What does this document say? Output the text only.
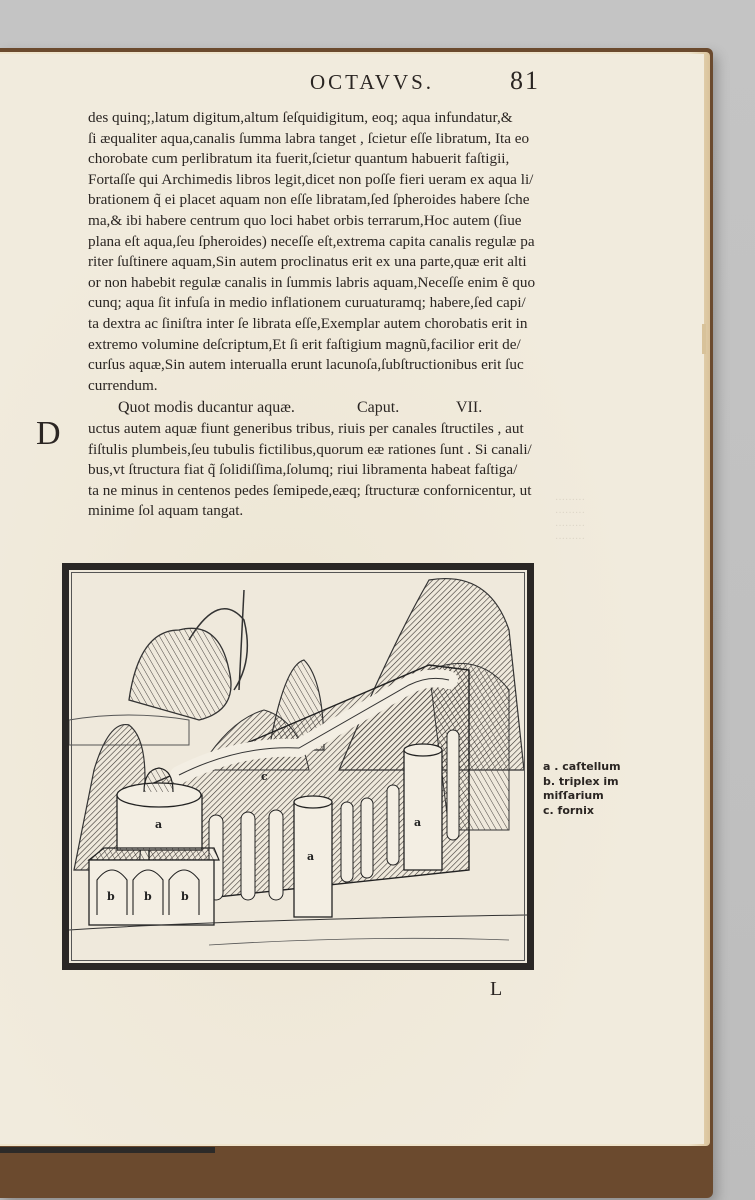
·········
·········
·········
·········
OCTAVVS.	81
des quinq;,latum digitum,altum ſeſquidigitum, eoq; aqua infundatur,&
ſi æqualiter aqua,canalis ſumma labra tanget , ſcietur eſſe libratum, Ita eo
chorobate cum perlibratum ita fuerit,ſcietur quantum habuerit faſtigii,
Fortaſſe qui Archimedis libros legit,dicet non poſſe fieri ueram ex aqua li/
brationem q̃ ei placet aquam non eſſe libratam,ſed ſpheroides habere ſche
ma,& ibi habere centrum quo loci habet orbis terrarum,Hoc autem (ſiue
plana eſt aqua,ſeu ſpheroides) neceſſe eſt,extrema capita canalis regulæ pa
riter ſuſtinere aquam,Sin autem proclinatus erit ex una parte,quæ erit alti
or non habebit regulæ canalis in ſummis labris aquam,Neceſſe enim ẽ quo
cunq; aqua ſit infuſa in medio inflationem curuaturamq; habere,ſed capi/
ta dextra ac ſiniſtra inter ſe librata eſſe,Exemplar autem chorobatis erit in
extremo volumine deſcriptum,Et ſi erit faſtigium magnũ,facilior erit de/
curſus aquæ,Sin autem interualla erunt lacunoſa,ſubſtructionibus erit ſuc
currendum.
Quot modis ducantur aquæ.	Caput.	VII.
D uctus autem aquæ fiunt generibus tribus, riuis per canales ſtructiles , aut
fiſtulis plumbeis,ſeu tubulis fictilibus,quorum eæ rationes ſunt . Si canali/
bus,vt ſtructura fiat q̃ ſolidiſſima,ſolumq; riui libramenta habeat faſtiga/
ta ne minus in centenos pedes ſemipede,eæq; ſtructuræ confornicentur, ut
minime ſol aquam tangat.
a
a
a
b	b	b
c
a . caſtellum
b. triplex im
miſſarium
c. fornix
L
